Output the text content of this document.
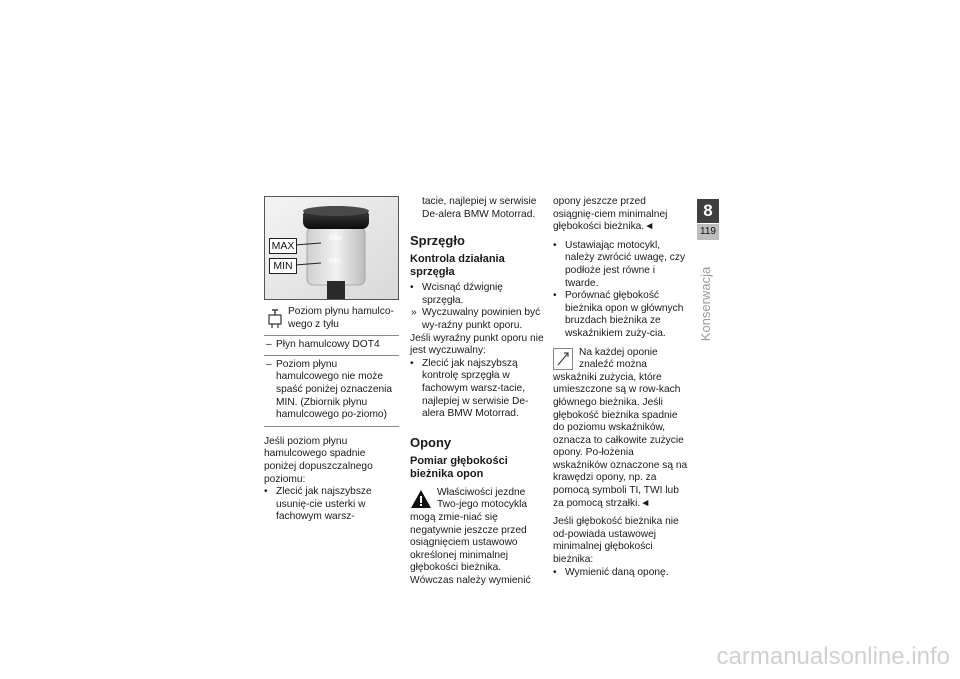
MAX
MIN
Max
Min

Poziom płynu hamulco-wego z tyłu

– Płyn hamulcowy DOT4
– Poziom płynu hamulcowego nie może spaść poniżej oznaczenia MIN. (Zbiornik płynu hamulcowego po-ziomo)

Jeśli poziom płynu hamulcowego spadnie poniżej dopuszczalnego poziomu:

• Zlecić jak najszybsze usunię-cie usterki w fachowym warsz-

tacie, najlepiej w serwisie De-alera BMW Motorrad.

Sprzęgło
Kontrola działania sprzęgła
• Wcisnąć dźwignię sprzęgła.
» Wyczuwalny powinien być wy-raźny punkt oporu.

Jeśli wyraźny punkt oporu nie jest wyczuwalny:

• Zlecić jak najszybszą kontrolę sprzęgła w fachowym warsz-tacie, najlepiej w serwisie De-alera BMW Motorrad.
Opony
Pomiar głębokości bieżnika opon

Właściwości jezdne Two-jego motocykla mogą zmie-niać się negatywnie jeszcze przed osiągnięciem ustawowo określonej minimalnej głębokości bieżnika.

Wówczas należy wymienić

opony jeszcze przed osiągnię-ciem minimalnej głębokości bieżnika.◄

• Ustawiając motocykl, należy zwrócić uwagę, czy podłoże jest równe i twarde.
• Porównać głębokość bieżnika opon w głównych bruzdach bieżnika ze wskaźnikiem zuży-cia.

Na każdej oponie znaleźć można wskaźniki zużycia, które umieszczone są w row-kach głównego bieżnika. Jeśli głębokość bieżnika spadnie do poziomu wskaźników, oznacza to całkowite zużycie opony. Po-łożenia wskaźników oznaczone są na krawędzi opony, np. za pomocą symboli TI, TWI lub za pomocą strzałki.◄

Jeśli głębokość bieżnika nie od-powiada ustawowej minimalnej głębokości bieżnika:

• Wymienić daną oponę.
8
119
Konserwacja
carmanualsonline.info
